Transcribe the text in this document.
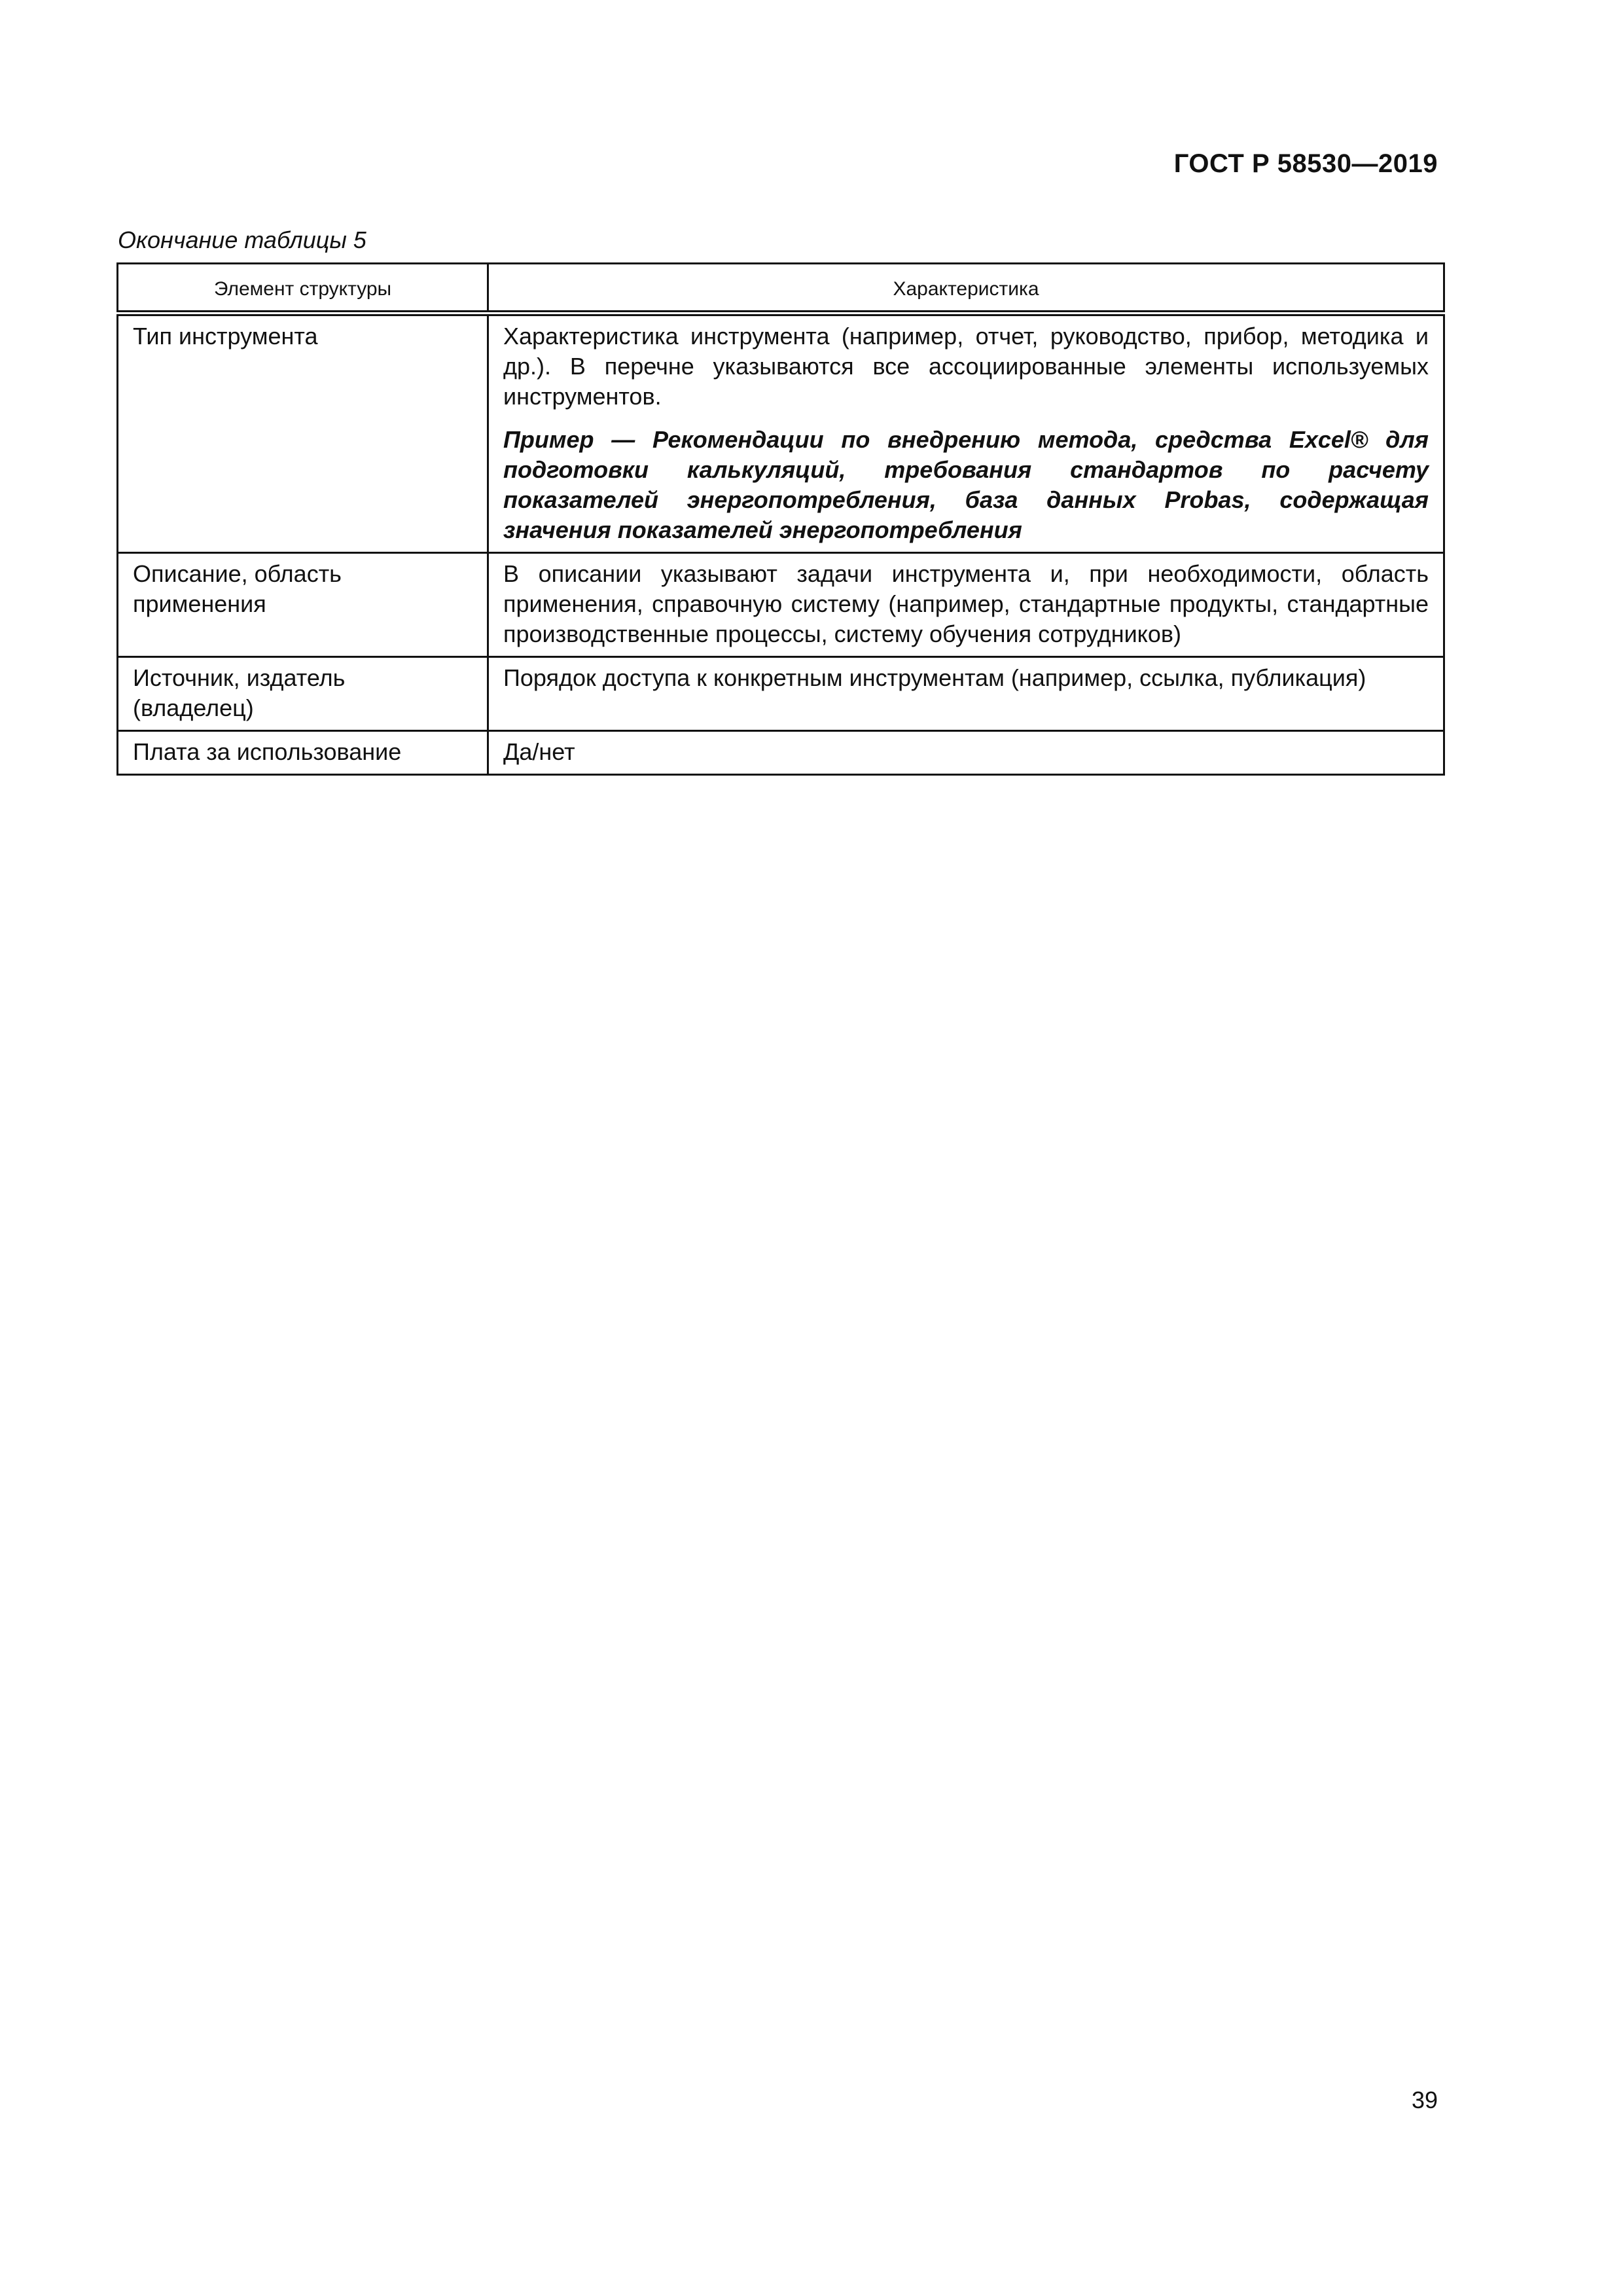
ГОСТ Р 58530—2019
Окончание таблицы 5
Элемент структуры	Характеристика
Тип инструмента	Характеристика инструмента (например, отчет, руководство, прибор, методика и др.). В перечне указываются все ассоциированные элементы используемых инструментов.

Пример — Рекомендации по внедрению метода, средства Excel® для подготовки калькуляций, требования стандартов по расчету показателей энергопотребления, база данных Probas, содержащая значения показателей энергопотребления

Описание, область применения	В описании указывают задачи инструмента и, при необходимости, область применения, справочную систему (например, стандартные продукты, стандартные производственные процессы, систему обучения сотрудников)
Источник, издатель (владелец)	Порядок доступа к конкретным инструментам (например, ссылка, публикация)
Плата за использование	Да/нет
39
